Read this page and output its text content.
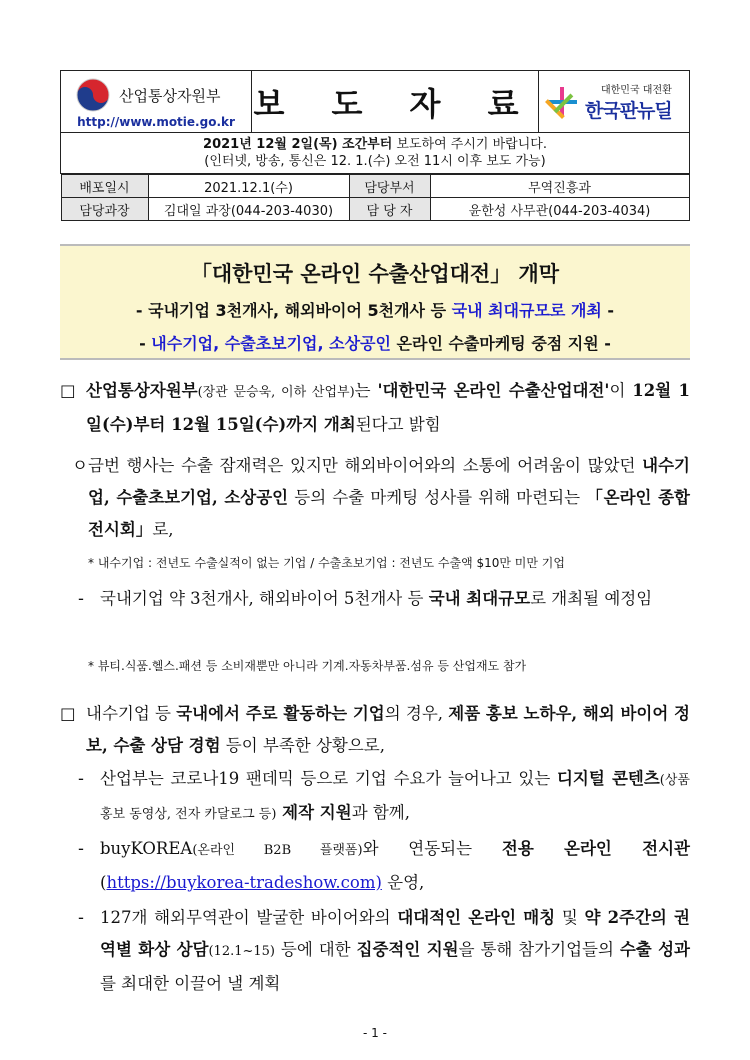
산업통상자원부
http://www.motie.go.kr	보 도 자 료	대한민국 대전환
한국판뉴딜

2021년 12월 2일(목) 조간부터 보도하여 주시기 바랍니다.
(인터넷, 방송, 통신은 12. 1.(수) 오전 11시 이후 보도 가능)

배포일시	2021.12.1(수)	담당부서	무역진흥과
담당과장	김대일 과장(044-203-4030)	담 당 자	윤한성 사무관(044-203-4034)
「대한민국 온라인 수출산업대전」 개막
- 국내기업 3천개사, 해외바이어 5천개사 등 국내 최대규모로 개최 -
- 내수기업, 수출초보기업, 소상공인 온라인 수출마케팅 중점 지원 -
□ 산업통상자원부(장관 문승욱, 이하 산업부)는 '대한민국 온라인 수출산업대전'이 12월 1일(수)부터 12월 15일(수)까지 개최된다고 밝힘
ㅇ 금번 행사는 수출 잠재력은 있지만 해외바이어와의 소통에 어려움이 많았던 내수기업, 수출초보기업, 소상공인 등의 수출 마케팅 성사를 위해 마련되는 「온라인 종합 전시회」로,
* 내수기업 : 전년도 수출실적이 없는 기업 / 수출초보기업 : 전년도 수출액 $10만 미만 기업
- 국내기업 약 3천개사, 해외바이어 5천개사 등 국내 최대규모로 개최될 예정임
* 뷰티.식품.헬스.패션 등 소비재뿐만 아니라 기계.자동차부품.섬유 등 산업재도 참가
□ 내수기업 등 국내에서 주로 활동하는 기업의 경우, 제품 홍보 노하우, 해외 바이어 정보, 수출 상담 경험 등이 부족한 상황으로,
- 산업부는 코로나19 팬데믹 등으로 기업 수요가 늘어나고 있는 디지털 콘텐츠(상품 홍보 동영상, 전자 카달로그 등) 제작 지원과 함께,
- buyKOREA(온라인 B2B 플랫폼)와 연동되는 전용 온라인 전시관(https://buykorea-tradeshow.com) 운영,
- 127개 해외무역관이 발굴한 바이어와의 대대적인 온라인 매칭 및 약 2주간의 권역별 화상 상담(12.1~15) 등에 대한 집중적인 지원을 통해 참가기업들의 수출 성과를 최대한 이끌어 낼 계획
- 1 -
